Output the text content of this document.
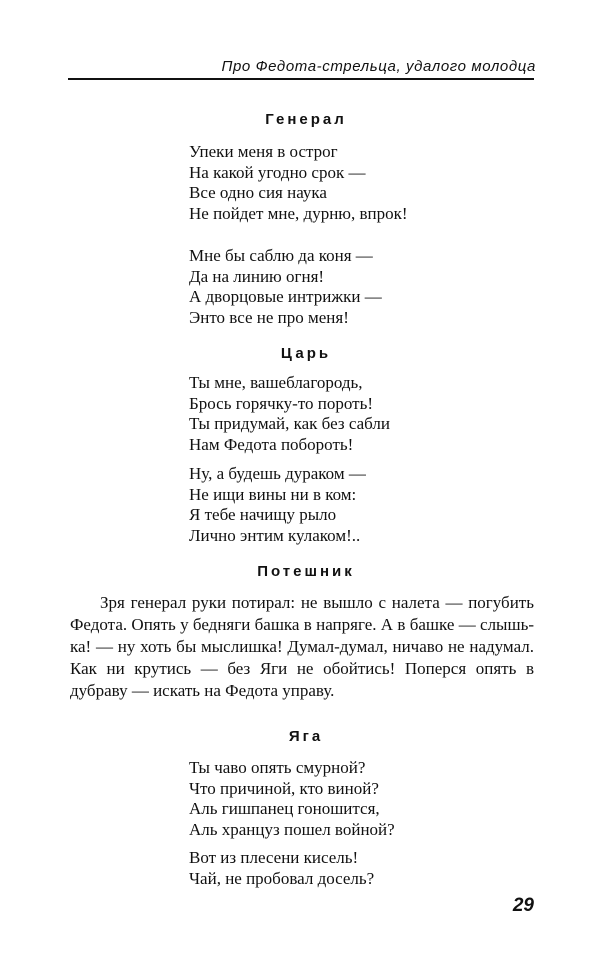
Про Федота-стрельца, удалого молодца
Генерал
Упеки меня в острог
На какой угодно срок —
Все одно сия наука
Не пойдет мне, дурню, впрок!
Мне бы саблю да коня —
Да на линию огня!
А дворцовые интрижки —
Энто все не про меня!
Царь
Ты мне, вашеблагородь,
Брось горячку-то пороть!
Ты придумай, как без сабли
Нам Федота побороть!
Ну, а будешь дураком —
Не ищи вины ни в ком:
Я тебе начищу рыло
Лично энтим кулаком!..
Потешник

Зря генерал руки потирал: не вышло с налета — погубить Федота. Опять у бедняги башка в напряге. А в башке — слышь-ка! — ну хоть бы мыслишка! Думал-думал, ничаво не надумал. Как ни крутись — без Яги не обойтись! Поперся опять в дубраву — искать на Федота управу.

Яга
Ты чаво опять смурной?
Что причиной, кто виной?
Аль гишпанец гоношится,
Аль хранцуз пошел войной?
Вот из плесени кисель!
Чай, не пробовал досель?
29
